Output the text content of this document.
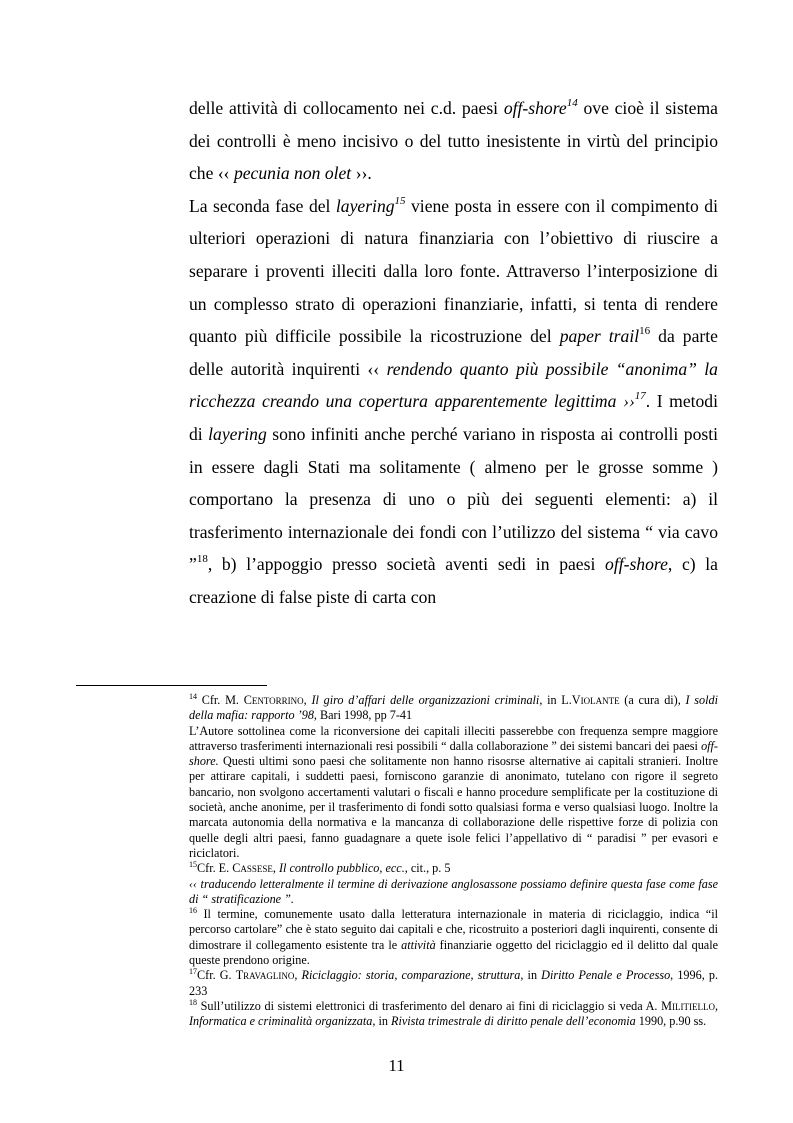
delle attività di collocamento nei c.d. paesi off-shore$^{14}$ ove cioè il sistema dei controlli è meno incisivo o del tutto inesistente in virtù del principio che ‹‹ pecunia non olet ››.

La seconda fase del layering$^{15}$ viene posta in essere con il compimento di ulteriori operazioni di natura finanziaria con l’obiettivo di riuscire a separare i proventi illeciti dalla loro fonte. Attraverso l’interposizione di un complesso strato di operazioni finanziarie, infatti, si tenta di rendere quanto più difficile possibile la ricostruzione del paper trail$^{16}$ da parte delle autorità inquirenti ‹‹ rendendo quanto più possibile “anonima” la ricchezza creando una copertura apparentemente legittima ››$^{17}$. I metodi di layering sono infiniti anche perché variano in risposta ai controlli posti in essere dagli Stati ma solitamente ( almeno per le grosse somme ) comportano la presenza di uno o più dei seguenti elementi: a) il trasferimento internazionale dei fondi con l’utilizzo del sistema “ via cavo ”$^{18}$, b) l’appoggio presso società aventi sedi in paesi off-shore, c) la creazione di false piste di carta con

$^{14}$ Cfr. M. Centorrino, Il giro d’affari delle organizzazioni criminali, in L.Violante (a cura di), I soldi della mafia: rapporto ’98, Bari 1998, pp 7-41

L’Autore sottolinea come la riconversione dei capitali illeciti passerebbe con frequenza sempre maggiore attraverso trasferimenti internazionali resi possibili “ dalla collaborazione ” dei sistemi bancari dei paesi off-shore. Questi ultimi sono paesi che solitamente non hanno risosrse alternative ai capitali stranieri. Inoltre per attirare capitali, i suddetti paesi, forniscono garanzie di anonimato, tutelano con rigore il segreto bancario, non svolgono accertamenti valutari o fiscali e hanno procedure semplificate per la costituzione di società, anche anonime, per il trasferimento di fondi sotto qualsiasi forma e verso qualsiasi luogo. Inoltre la marcata autonomia della normativa e la mancanza di collaborazione delle rispettive forze di polizia con quelle degli altri paesi, fanno guadagnare a quete isole felici l’appellativo di “ paradisi ” per evasori e riciclatori.

$^{15}$Cfr. E. Cassese, Il controllo pubblico, ecc., cit., p. 5

‹‹ traducendo letteralmente il termine di derivazione anglosassone possiamo definire questa fase come fase di “ stratificazione ”.

$^{16}$ Il termine, comunemente usato dalla letteratura internazionale in materia di riciclaggio, indica “il percorso cartolare” che è stato seguito dai capitali e che, ricostruito a posteriori dagli inquirenti, consente di dimostrare il collegamento esistente tra le attività finanziarie oggetto del riciclaggio ed il delitto dal quale queste prendono origine.

$^{17}$Cfr. G. Travaglino, Riciclaggio: storia, comparazione, struttura, in Diritto Penale e Processo, 1996, p. 233

$^{18}$ Sull’utilizzo di sistemi elettronici di trasferimento del denaro ai fini di riciclaggio si veda A. Militiello, Informatica e criminalità organizzata, in Rivista trimestrale di diritto penale dell’economia 1990, p.90 ss.

11
